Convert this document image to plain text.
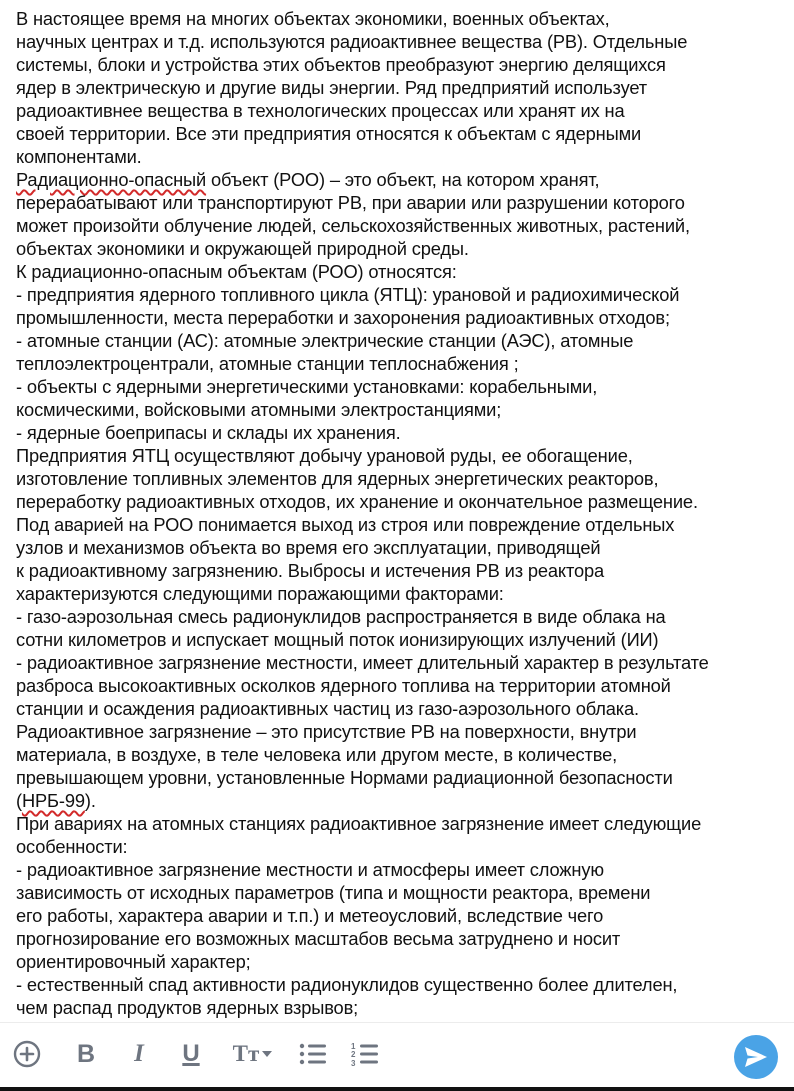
В настоящее время на многих объектах экономики, военных объектах,
научных центрах и т.д. используются радиоактивнее вещества (РВ). Отдельные
системы, блоки и устройства этих объектов преобразуют энергию делящихся
ядер в электрическую и другие виды энергии. Ряд предприятий использует
радиоактивнее вещества в технологических процессах или хранят их на
своей территории. Все эти предприятия относятся к объектам с ядерными
компонентами.
Радиационно-опасный объект (РОО) – это объект, на котором хранят,
перерабатывают или транспортируют РВ, при аварии или разрушении которого
может произойти облучение людей, сельскохозяйственных животных, растений,
объектах экономики и окружающей природной среды.
К радиационно-опасным объектам (РОО) относятся:
- предприятия ядерного топливного цикла (ЯТЦ): урановой и радиохимической
промышленности, места переработки и захоронения радиоактивных отходов;
- атомные станции (АС): атомные электрические станции (АЭС), атомные
теплоэлектроцентрали, атомные станции теплоснабжения ;
- объекты с ядерными энергетическими установками: корабельными,
космическими, войсковыми атомными электростанциями;
- ядерные боеприпасы и склады их хранения.
Предприятия ЯТЦ осуществляют добычу урановой руды, ее обогащение,
изготовление топливных элементов для ядерных энергетических реакторов,
переработку радиоактивных отходов, их хранение и окончательное размещение.
Под аварией на РОО понимается выход из строя или повреждение отдельных
узлов и механизмов объекта во время его эксплуатации, приводящей
к радиоактивному загрязнению. Выбросы и истечения РВ из реактора
характеризуются следующими поражающими факторами:
- газо-аэрозольная смесь радионуклидов распространяется в виде облака на
сотни километров и испускает мощный поток ионизирующих излучений (ИИ)
- радиоактивное загрязнение местности, имеет длительный характер в результате
разброса высокоактивных осколков ядерного топлива на территории атомной
станции и осаждения радиоактивных частиц из газо-аэрозольного облака.
Радиоактивное загрязнение – это присутствие РВ на поверхности, внутри
материала, в воздухе, в теле человека или другом месте, в количестве,
превышающем уровни, установленные Нормами радиационной безопасности
(НРБ-99).
При авариях на атомных станциях радиоактивное загрязнение имеет следующие
особенности:
- радиоактивное загрязнение местности и атмосферы имеет сложную
зависимость от исходных параметров (типа и мощности реактора, времени
его работы, характера аварии и т.п.) и метеоусловий, вследствие чего
прогнозирование его возможных масштабов весьма затруднено и носит
ориентировочный характер;
- естественный спад активности радионуклидов существенно более длителен,
чем распад продуктов ядерных взрывов;
B I U Tт	1
2
3
